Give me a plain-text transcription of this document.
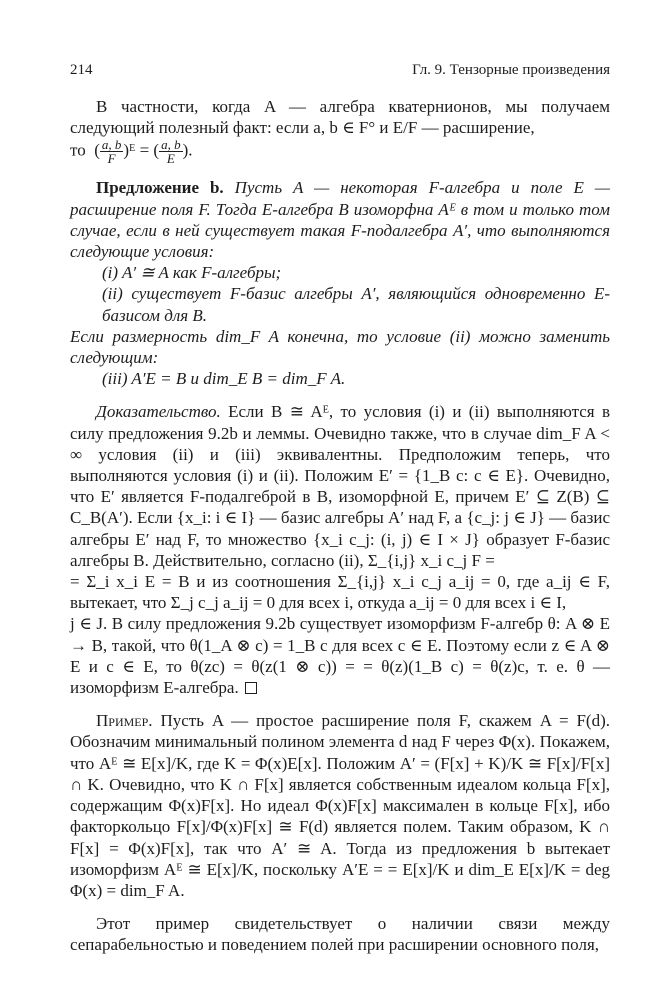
214	Гл. 9. Тензорные произведения

В частности, когда A — алгебра кватернионов, мы получаем следующий полезный факт: если a, b ∈ F° и E/F — расширение,

то  ( $\frac{a, b}{F}$ )ᴱ = ( $\frac{a, b}{E}$ ).

Предложение b. Пусть A — некоторая F-алгебра и поле E — расширение поля F. Тогда E-алгебра B изоморфна Aᴱ в том и только том случае, если в ней существует такая F-подалгебра A′, что выполняются следующие условия:

(i) A′ ≅ A как F-алгебры;

(ii) существует F-базис алгебры A′, являющийся одновременно E-базисом для B.

Если размерность dim_F A конечна, то условие (ii) можно заменить следующим:

(iii) A′E = B и dim_E B = dim_F A.

Доказательство. Если B ≅ Aᴱ, то условия (i) и (ii) выполняются в силу предложения 9.2b и леммы. Очевидно также, что в случае dim_F A < ∞ условия (ii) и (iii) эквивалентны. Предположим теперь, что выполняются условия (i) и (ii). Положим E′ = {1_B c: c ∈ E}. Очевидно, что E′ является F-подалгеброй в B, изоморфной E, причем E′ ⊆ Z(B) ⊆ C_B(A′). Если {x_i: i ∈ I} — базис алгебры A′ над F, а {c_j: j ∈ J} — базис алгебры E′ над F, то множество {x_i c_j: (i, j) ∈ I × J} образует F-базис алгебры B. Действительно, согласно (ii), Σ_{i,j} x_i c_j F =

= Σ_i x_i E = B и из соотношения Σ_{i,j} x_i c_j a_ij = 0, где a_ij ∈ F, вытекает, что Σ_j c_j a_ij = 0 для всех i, откуда a_ij = 0 для всех i ∈ I,

j ∈ J. В силу предложения 9.2b существует изоморфизм F-алгебр θ: A ⊗ E → B, такой, что θ(1_A ⊗ c) = 1_B c для всех c ∈ E. Поэтому если z ∈ A ⊗ E и c ∈ E, то θ(zc) = θ(z(1 ⊗ c)) = = θ(z)(1_B c) = θ(z)c, т. е. θ — изоморфизм E-алгебра.

Пример. Пусть A — простое расширение поля F, скажем A = F(d). Обозначим минимальный полином элемента d над F через Φ(x). Покажем, что Aᴱ ≅ E[x]/K, где K = Φ(x)E[x]. Положим A′ = (F[x] + K)/K ≅ F[x]/F[x] ∩ K. Очевидно, что K ∩ F[x] является собственным идеалом кольца F[x], содержащим Φ(x)F[x]. Но идеал Φ(x)F[x] максимален в кольце F[x], ибо факторкольцо F[x]/Φ(x)F[x] ≅ F(d) является полем. Таким образом, K ∩ F[x] = Φ(x)F[x], так что A′ ≅ A. Тогда из предложения b вытекает изоморфизм Aᴱ ≅ E[x]/K, поскольку A′E = = E[x]/K и dim_E E[x]/K = deg Φ(x) = dim_F A.

Этот пример свидетельствует о наличии связи между сепарабельностью и поведением полей при расширении основного поля,
